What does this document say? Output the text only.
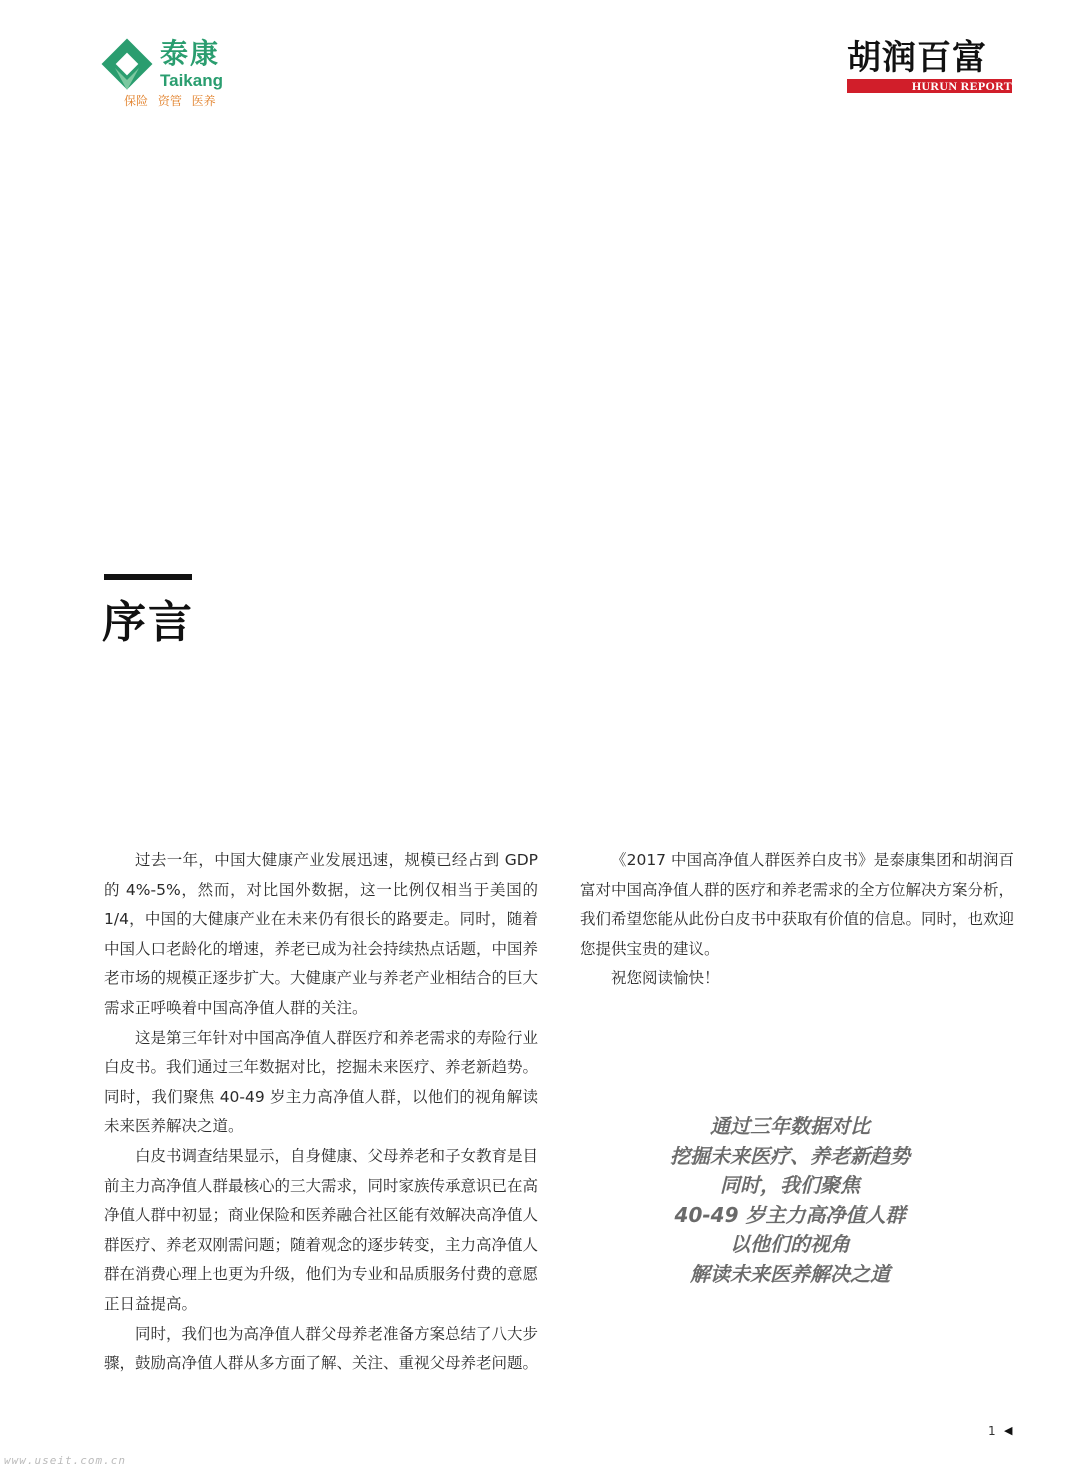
泰康
Taikang
保险 资管 医养
胡润百富
HURUN REPORT
序言

过去一年，中国大健康产业发展迅速，规模已经占到 GDP 的 4%-5%，然而，对比国外数据，这一比例仅相当于美国的 1/4，中国的大健康产业在未来仍有很长的路要走。同时，随着中国人口老龄化的增速，养老已成为社会持续热点话题，中国养老市场的规模正逐步扩大。大健康产业与养老产业相结合的巨大需求正呼唤着中国高净值人群的关注。

这是第三年针对中国高净值人群医疗和养老需求的寿险行业白皮书。我们通过三年数据对比，挖掘未来医疗、养老新趋势。同时，我们聚焦 40-49 岁主力高净值人群，以他们的视角解读未来医养解决之道。

白皮书调查结果显示，自身健康、父母养老和子女教育是目前主力高净值人群最核心的三大需求，同时家族传承意识已在高净值人群中初显；商业保险和医养融合社区能有效解决高净值人群医疗、养老双刚需问题；随着观念的逐步转变，主力高净值人群在消费心理上也更为升级，他们为专业和品质服务付费的意愿正日益提高。

同时，我们也为高净值人群父母养老准备方案总结了八大步骤，鼓励高净值人群从多方面了解、关注、重视父母养老问题。

《2017 中国高净值人群医养白皮书》是泰康集团和胡润百富对中国高净值人群的医疗和养老需求的全方位解决方案分析，我们希望您能从此份白皮书中获取有价值的信息。同时，也欢迎您提供宝贵的建议。

祝您阅读愉快！

通过三年数据对比
挖掘未来医疗、养老新趋势
同时，我们聚焦
40-49 岁主力高净值人群
以他们的视角
解读未来医养解决之道
1 ◀
www.useit.com.cn
